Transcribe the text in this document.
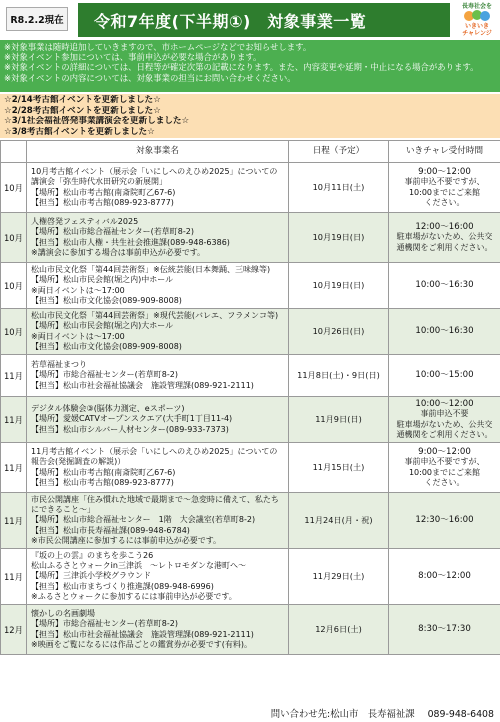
R8.2.2現在	令和7年度(下半期①)　対象事業一覧
長寿社会を
いきいき
チャレンジ
※対象事業は随時追加していきますので、市ホームページなどでお知らせします。
※対象イベント参加については、事前申込が必要な場合があります。
※対象イベントの詳細については、日程等が確定次第の記載になります。また、内容変更や延期・中止になる場合があります。
※対象イベントの内容については、対象事業の担当にお問い合わせください。
☆2/14考古館イベントを更新しました☆
☆2/28考古館イベントを更新しました☆
☆3/1社会福祉啓発事業講演会を更新しました☆
☆3/8考古館イベントを更新しました☆
	対象事業名	日程（予定）	いきチャレ受付時間
10月	10月考古館イベント（展示会「いにしへのえひめ2025」についての
講演会「弥生時代水田研究の新展開」
【場所】松山市考古館(南斎院町乙67-6)
【担当】松山市考古館(089-923-8777)	10月11日(土)	9:00～12:00
事前申込不要ですが、
10:00までにご来館
ください。

10月	人権啓発フェスティバル2025
【場所】松山市総合福祉センター(若草町8-2)
【担当】松山市人権・共生社会推進課(089-948-6386)
※講演会に参加する場合は事前申込が必要です。	10月19日(日)	12:00～16:00
駐車場がないため、公共交
通機関をご利用ください。

10月	松山市民文化祭「第44回芸術祭」※伝統芸能(日本舞踊、三味線等)
【場所】松山市民会館(堀之内)中ホール
※両日イベントは～17:00
【担当】松山市文化協会(089-909-8008)	10月19日(日)	10:00～16:30

10月	松山市民文化祭「第44回芸術祭」※現代芸能(バレエ、フラメンコ等)
【場所】松山市民会館(堀之内)大ホール
※両日イベントは～17:00
【担当】松山市文化協会(089-909-8008)	10月26日(日)	10:00～16:30

11月	若草福祉まつり
【場所】市総合福祉センター(若草町8-2)
【担当】松山市社会福祉協議会　施設管理課(089-921-2111)	11月8日(土)・9日(日)	10:00～15:00

11月	デジタル体験会③(脳体力測定、eスポーツ)
【場所】愛媛CATVオープンスクエア(大手町1丁目11-4)
【担当】松山市シルバー人材センター(089-933-7373)	11月9日(日)	10:00～12:00
事前申込不要
駐車場がないため、公共交
通機関をご利用ください。

11月	11月考古館イベント（展示会「いにしへのえひめ2025」についての
報告会(発掘調査の解説)）
【場所】松山市考古館(南斎院町乙67-6)
【担当】松山市考古館(089-923-8777)	11月15日(土)	9:00～12:00
事前申込不要ですが、
10:00までにご来館
ください。

11月	市民公開講座「住み慣れた地域で最期まで～急変時に備えて、私たち
にできること～」
【場所】松山市総合福祉センター　1階　大会議室(若草町8-2)
【担当】松山市長寿福祉課(089-948-6784)
※市民公開講座に参加するには事前申込が必要です。	11月24日(月・祝)	12:30～16:00

11月	『坂の上の雲』のまちを歩こう26
松山ふるさとウォークin三津浜　～レトロモダンな港町へ～
【場所】三津浜小学校グラウンド
【担当】松山市まちづくり推進課(089-948-6996)
※ふるさとウォークに参加するには事前申込が必要です。	11月29日(土)	8:00～12:00

12月	懐かしの名画劇場
【場所】市総合福祉センター(若草町8-2)
【担当】松山市社会福祉協議会　施設管理課(089-921-2111)
※映画をご覧になるには作品ごとの鑑賞券が必要です(有料)。	12月6日(土)	8:30～17:30
問い合わせ先:松山市　長寿福祉課 089-948-6408
